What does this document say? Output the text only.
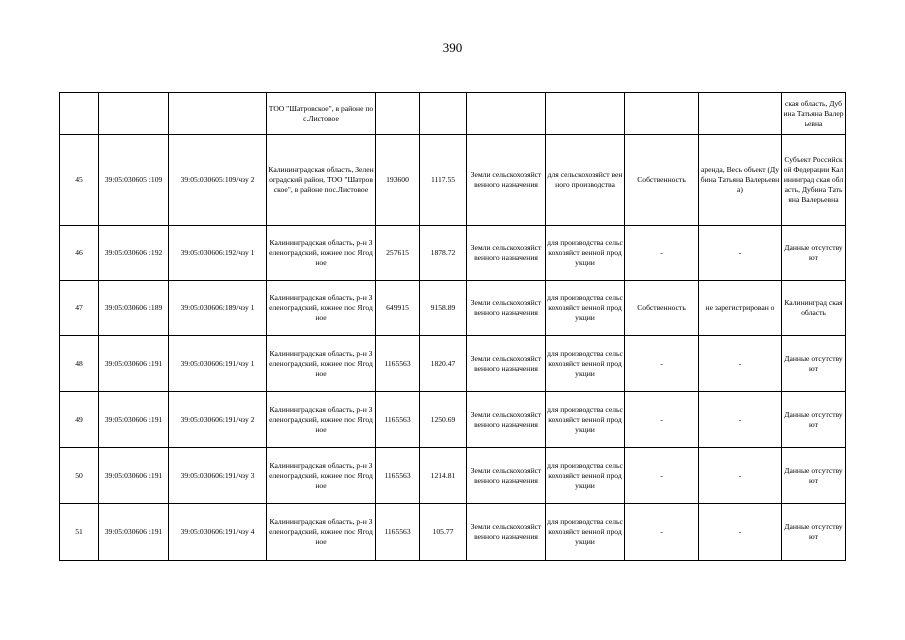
390
			ТОО "Шатровское", в районе пос.Листовое							ская область, Дубина Татьяна Валерьевна
45	39:05:030605 :109	39:05:030605:109/чзу 2	Калининградская область, Зеленоградский район, ТОО "Шатровское", в районе пос.Листовое	193600	1117.55	Земли сельскохозяйст венного назначения	для сельскохозяйст венного производства	Собственность	аренда, Весь объект (Дубина Татьяна Валерьевна)	Субъект Российской Федерации Калининград ская область, Дубина Татьяна Валерьевна
46	39:05:030606 :192	39:05:030606:192/чзу 1	Калининградская область, р-н Зеленоградский, южнее пос Ягодное	257615	1878.72	Земли сельскохозяйст венного назначения	для производства сельскохозяйст венной продукции	-	-	Данные отсутствуют
47	39:05:030606 :189	39:05:030606:189/чзу 1	Калининградская область, р-н Зеленоградский, южнее пос Ягодное	649915	9158.89	Земли сельскохозяйст венного назначения	для производства сельскохозяйст венной продукции	Собственность	не зарегистрирован о	Калининград ская область
48	39:05:030606 :191	39:05:030606:191/чзу 1	Калининградская область, р-н Зеленоградский, южнее пос Ягодное	1165563	1820.47	Земли сельскохозяйст венного назначения	для производства сельскохозяйст венной продукции	-	-	Данные отсутствуют
49	39:05:030606 :191	39:05:030606:191/чзу 2	Калининградская область, р-н Зеленоградский, южнее пос Ягодное	1165563	1250.69	Земли сельскохозяйст венного назначения	для производства сельскохозяйст венной продукции	-	-	Данные отсутствуют
50	39:05:030606 :191	39:05:030606:191/чзу 3	Калининградская область, р-н Зеленоградский, южнее пос Ягодное	1165563	1214.81	Земли сельскохозяйст венного назначения	для производства сельскохозяйст венной продукции	-	-	Данные отсутствуют
51	39:05:030606 :191	39:05:030606:191/чзу 4	Калининградская область, р-н Зеленоградский, южнее пос Ягодное	1165563	105.77	Земли сельскохозяйст венного назначения	для производства сельскохозяйст венной продукции	-	-	Данные отсутствуют
